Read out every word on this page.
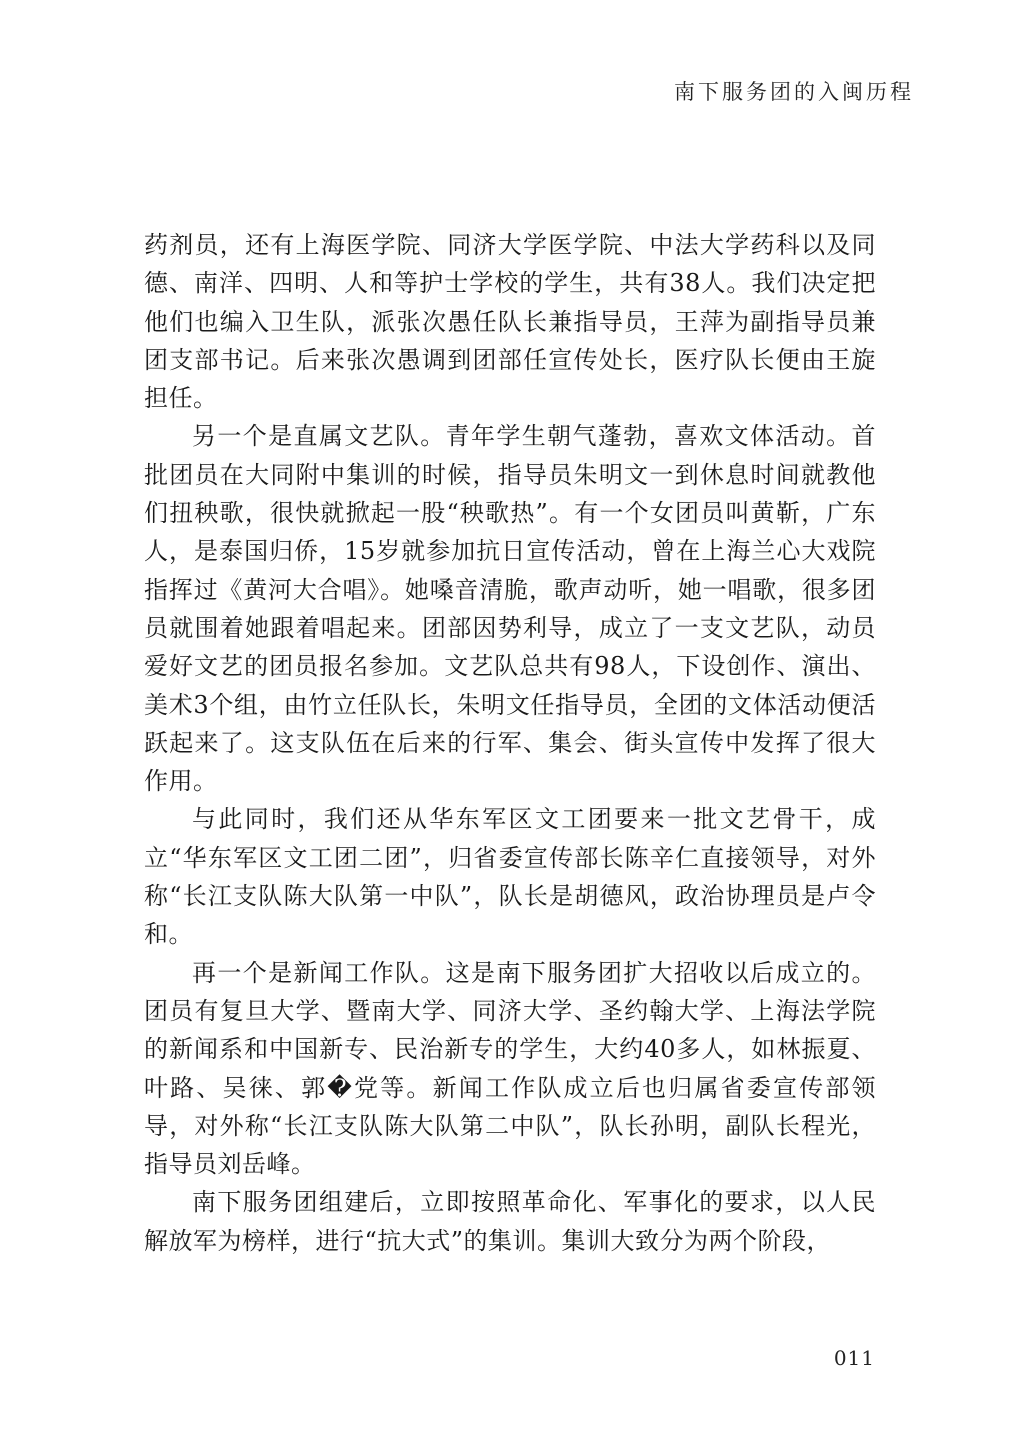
南下服务团的入闽历程

药剂员，还有上海医学院、同济大学医学院、中法大学药科以及同德、南洋、四明、人和等护士学校的学生，共有38人。我们决定把他们也编入卫生队，派张次愚任队长兼指导员，王萍为副指导员兼团支部书记。后来张次愚调到团部任宣传处长，医疗队长便由王旋担任。

另一个是直属文艺队。青年学生朝气蓬勃，喜欢文体活动。首批团员在大同附中集训的时候，指导员朱明文一到休息时间就教他们扭秧歌，很快就掀起一股“秧歌热”。有一个女团员叫黄靳，广东人，是泰国归侨，15岁就参加抗日宣传活动，曾在上海兰心大戏院指挥过《黄河大合唱》。她嗓音清脆，歌声动听，她一唱歌，很多团员就围着她跟着唱起来。团部因势利导，成立了一支文艺队，动员爱好文艺的团员报名参加。文艺队总共有98人，下设创作、演出、美术3个组，由竹立任队长，朱明文任指导员，全团的文体活动便活跃起来了。这支队伍在后来的行军、集会、街头宣传中发挥了很大作用。

与此同时，我们还从华东军区文工团要来一批文艺骨干，成立“华东军区文工团二团”，归省委宣传部长陈辛仁直接领导，对外称“长江支队陈大队第一中队”，队长是胡德风，政治协理员是卢令和。

再一个是新闻工作队。这是南下服务团扩大招收以后成立的。团员有复旦大学、暨南大学、同济大学、圣约翰大学、上海法学院的新闻系和中国新专、民治新专的学生，大约40多人，如林振夏、叶路、吴徕、郭�党等。新闻工作队成立后也归属省委宣传部领导，对外称“长江支队陈大队第二中队”，队长孙明，副队长程光，指导员刘岳峰。

南下服务团组建后，立即按照革命化、军事化的要求，以人民解放军为榜样，进行“抗大式”的集训。集训大致分为两个阶段，

011
